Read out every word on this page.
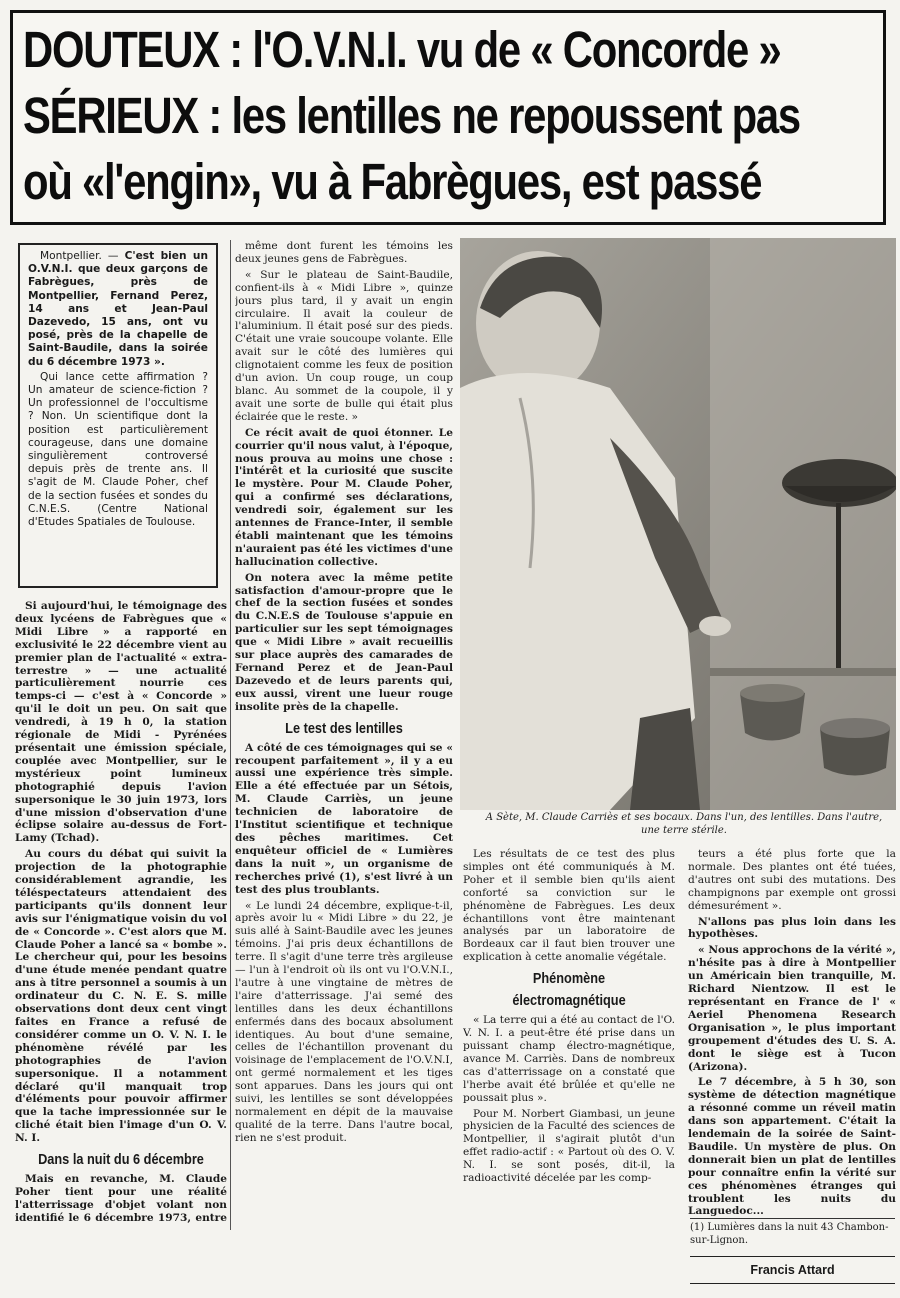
DOUTEUX : l'O.V.N.I. vu de « Concorde »
SÉRIEUX : les lentilles ne repoussent pas
où «l'engin», vu à Fabrègues, est passé

Montpellier. — C'est bien un O.V.N.I. que deux garçons de Fabrègues, près de Montpellier, Fernand Perez, 14 ans et Jean-Paul Dazevedo, 15 ans, ont vu posé, près de la chapelle de Saint-Baudile, dans la soirée du 6 décembre 1973 ».

Qui lance cette affirmation ? Un amateur de science-fiction ? Un professionnel de l'occultisme ? Non. Un scientifique dont la position est particulièrement courageuse, dans une domaine singulièrement controversé depuis près de trente ans. Il s'agit de M. Claude Poher, chef de la section fusées et sondes du C.N.E.S. (Centre National d'Etudes Spatiales de Toulouse.

Si aujourd'hui, le témoignage des deux lycéens de Fabrègues que « Midi Libre » a rapporté en exclusivité le 22 décembre vient au premier plan de l'actualité « extra-terrestre » — une actualité particulièrement nourrie ces temps-ci — c'est à « Concorde » qu'il le doit un peu. On sait que vendredi, à 19 h 0, la station régionale de Midi - Pyrénées présentait une émission spéciale, couplée avec Montpellier, sur le mystérieux point lumineux photographié depuis l'avion supersonique le 30 juin 1973, lors d'une mission d'observation d'une éclipse solaire au-dessus de Fort-Lamy (Tchad).

Au cours du débat qui suivit la projection de la photographie considérablement agrandie, les téléspectateurs attendaient des participants qu'ils donnent leur avis sur l'énigmatique voisin du vol de « Concorde ». C'est alors que M. Claude Poher a lancé sa « bombe ». Le chercheur qui, pour les besoins d'une étude menée pendant quatre ans à titre personnel a soumis à un ordinateur du C. N. E. S. mille observations dont deux cent vingt faites en France a refusé de considérer comme un O. V. N. I. le phénomène révélé par les photographies de l'avion supersonique. Il a notamment déclaré qu'il manquait trop d'éléments pour pouvoir affirmer que la tache impressionnée sur le cliché était bien l'image d'un O. V. N. I.

Dans la nuit du 6 décembre

Mais en revanche, M. Claude Poher tient pour une réalité l'atterrissage d'objet volant non identifié le 6 décembre 1973, entre

même dont furent les témoins les deux jeunes gens de Fabrègues.

« Sur le plateau de Saint-Baudile, confient-ils à « Midi Libre », quinze jours plus tard, il y avait un engin circulaire. Il avait la couleur de l'aluminium. Il était posé sur des pieds. C'était une vraie soucoupe volante. Elle avait sur le côté des lumières qui clignotaient comme les feux de position d'un avion. Un coup rouge, un coup blanc. Au sommet de la coupole, il y avait une sorte de bulle qui était plus éclairée que le reste. »

Ce récit avait de quoi étonner. Le courrier qu'il nous valut, à l'époque, nous prouva au moins une chose : l'intérêt et la curiosité que suscite le mystère. Pour M. Claude Poher, qui a confirmé ses déclarations, vendredi soir, également sur les antennes de France-Inter, il semble établi maintenant que les témoins n'auraient pas été les victimes d'une hallucination collective.

On notera avec la même petite satisfaction d'amour-propre que le chef de la section fusées et sondes du C.N.E.S de Toulouse s'appuie en particulier sur les sept témoignages que « Midi Libre » avait recueillis sur place auprès des camarades de Fernand Perez et de Jean-Paul Dazevedo et de leurs parents qui, eux aussi, virent une lueur rouge insolite près de la chapelle.

Le test des lentilles

A côté de ces témoignages qui se « recoupent parfaitement », il y a eu aussi une expérience très simple. Elle a été effectuée par un Sétois, M. Claude Carriès, un jeune technicien de laboratoire de l'Institut scientifique et technique des pêches maritimes. Cet enquêteur officiel de « Lumières dans la nuit », un organisme de recherches privé (1), s'est livré à un test des plus troublants.

« Le lundi 24 décembre, explique-t-il, après avoir lu « Midi Libre » du 22, je suis allé à Saint-Baudile avec les jeunes témoins. J'ai pris deux échantillons de terre. Il s'agit d'une terre très argileuse — l'un à l'endroit où ils ont vu l'O.V.N.I., l'autre à une vingtaine de mètres de l'aire d'atterrissage. J'ai semé des lentilles dans les deux échantillons enfermés dans des bocaux absolument identiques. Au bout d'une semaine, celles de l'échantillon provenant du voisinage de l'emplacement de l'O.V.N.I, ont germé normalement et les tiges sont apparues. Dans les jours qui ont suivi, les lentilles se sont développées normalement en dépit de la mauvaise qualité de la terre. Dans l'autre bocal, rien ne s'est produit.

A Sète, M. Claude Carriès et ses bocaux. Dans l'un, des lentilles. Dans l'autre, une terre stérile.

Les résultats de ce test des plus simples ont été communiqués à M. Poher et il semble bien qu'ils aient conforté sa conviction sur le phénomène de Fabrègues. Les deux échantillons vont être maintenant analysés par un laboratoire de Bordeaux car il faut bien trouver une explication à cette anomalie végétale.

Phénomène électromagnétique

« La terre qui a été au contact de l'O. V. N. I. a peut-être été prise dans un puissant champ électro-magnétique, avance M. Carriès. Dans de nombreux cas d'atterrissage on a constaté que l'herbe avait été brûlée et qu'elle ne poussait plus ».

Pour M. Norbert Giambasi, un jeune physicien de la Faculté des sciences de Montpellier, il s'agirait plutôt d'un effet radio-actif : « Partout où des O. V. N. I. se sont posés, dit-il, la radioactivité décelée par les comp-

teurs a été plus forte que la normale. Des plantes ont été tuées, d'autres ont subi des mutations. Des champignons par exemple ont grossi démesurément ».

N'allons pas plus loin dans les hypothèses.

« Nous approchons de la vérité », n'hésite pas à dire à Montpellier un Américain bien tranquille, M. Richard Nientzow. Il est le représentant en France de l' « Aeriel Phenomena Research Organisation », le plus important groupement d'études des U. S. A. dont le siège est à Tucon (Arizona).

Le 7 décembre, à 5 h 30, son système de détection magnétique a résonné comme un réveil matin dans son appartement. C'était la lendemain de la soirée de Saint-Baudile. Un mystère de plus. On donnerait bien un plat de lentilles pour connaître enfin la vérité sur ces phénomènes étranges qui troublent les nuits du Languedoc...

(1) Lumières dans la nuit 43 Chambon-sur-Lignon.
Francis Attard
